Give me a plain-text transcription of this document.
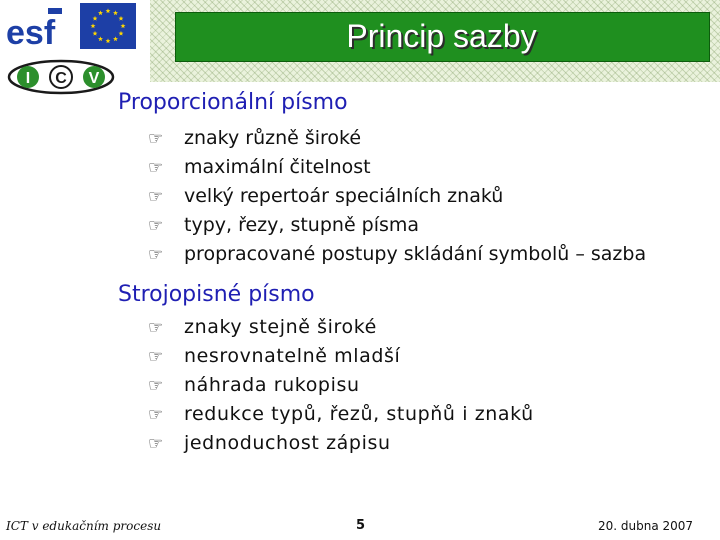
esf
I C V
Princip sazby
Proporcionální písmo
☞ znaky různě široké
☞ maximální čitelnost
☞ velký repertoár speciálních znaků
☞ typy, řezy, stupně písma
☞ propracované postupy skládání symbolů – sazba
Strojopisné písmo
☞ znaky stejně široké
☞ nesrovnatelně mladší
☞ náhrada rukopisu
☞ redukce typů, řezů, stupňů i znaků
☞ jednoduchost zápisu
ICT v edukačním procesu	5	20. dubna 2007
